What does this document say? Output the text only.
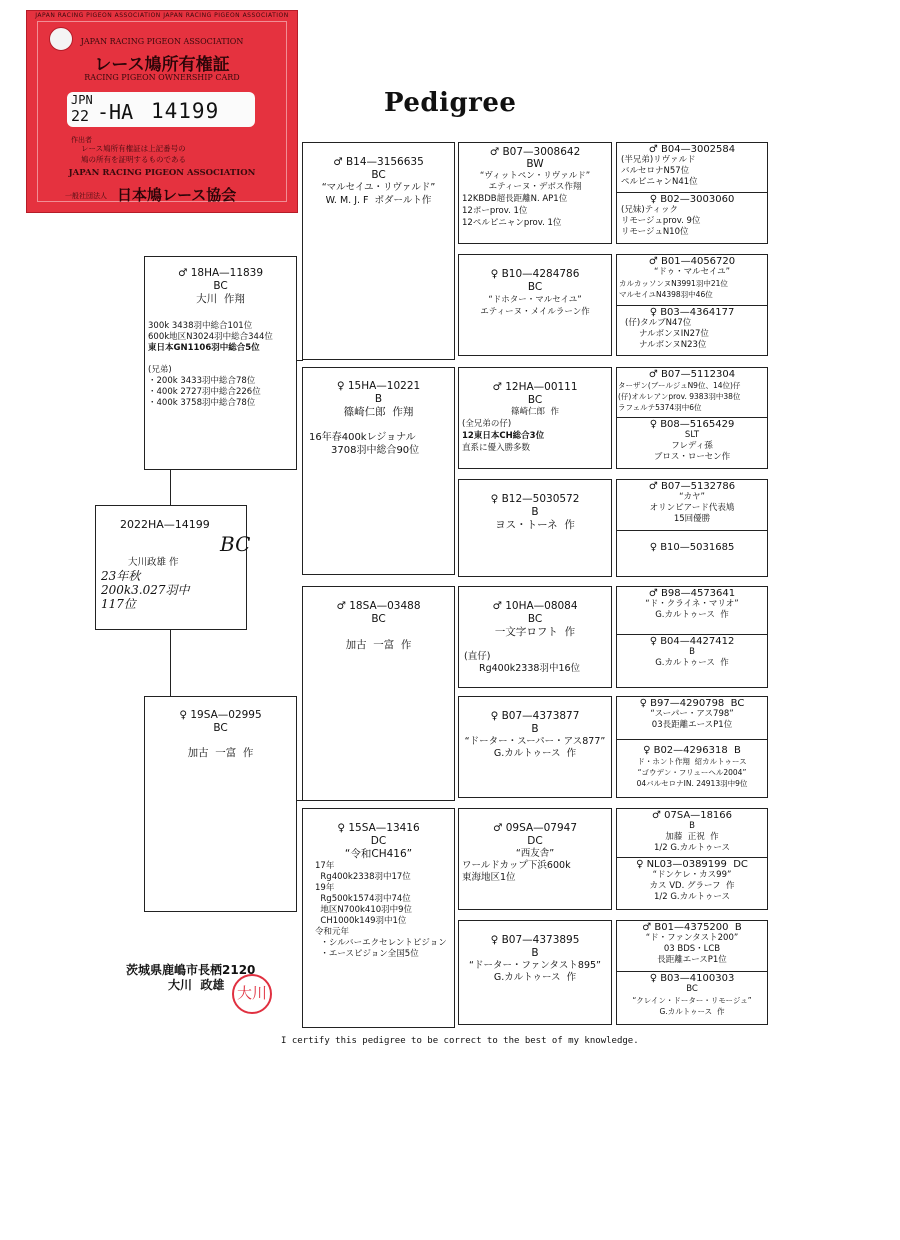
JAPAN RACING PIGEON ASSOCIATION JAPAN RACING PIGEON ASSOCIATION
JAPAN RACING PIGEON ASSOCIATION
レース鳩所有権証
RACING PIGEON OWNERSHIP CARD
JPN
22 -HA 14199
作出者
レース鳩所有権証は上記番号の
鳩の所有を証明するものである
JAPAN RACING PIGEON ASSOCIATION
一般社団法人 日本鳩レース協会
Pedigree
2022HA—14199
大川政雄 作
23年秋
200k3.027羽中
117位
BC
♂ 18HA—11839
BC
大川  作翔
300k 3438羽中総合101位
600k地区N3024羽中総合344位
東日本GN1106羽中総合5位
(兄弟)
・200k 3433羽中総合78位
・400k 2727羽中総合226位
・400k 3758羽中総合78位
♀ 19SA—02995
BC
加古  一富  作
♂ B14—3156635
BC
“マルセイユ・リヴァルド”
W. M. J. F  ボダールト作
♀ 15HA—10221
B
篠崎仁郎  作翔
16年春400kレジョナル
3708羽中総合90位
♂ 18SA—03488
BC
加古  一富  作
♀ 15SA—13416
DC
“令和CH416”
17年
Rg400k2338羽中17位
19年
Rg500k1574羽中74位
地区N700k410羽中9位
CH1000k149羽中1位
令和元年
・シルバーエクセレントピジョン
・エースピジョン全国5位
♂ B07—3008642
BW
“ヴィットペン・リヴァルド”
エティーヌ・デボス作翔
12KBDB超長距離N. AP1位
12ポーprov. 1位
12ペルピニャンprov. 1位
♀ B10—4284786
BC
“ドホター・マルセイユ”
エティーヌ・メイルラーン作
♂ 12HA—00111
BC
篠崎仁郎  作
(全兄弟の仔)
12東日本CH総合3位
直系に優入勝多数
♀ B12—5030572
B
ヨス・トーネ  作
♂ 10HA—08084
BC
一文字ロフト  作
(直仔)
Rg400k2338羽中16位
♀ B07—4373877
B
“ドーター・スーパー・アス877”
G.カルトゥース  作
♂ 09SA—07947
DC
“西友舎”
ワールドカップ下浜600k
東海地区1位
♀ B07—4373895
B
“ドーター・ファンタスト895”
G.カルトゥース  作
♂ B04—3002584
(半兄弟)リヴァルド
バルセロナN57位
ペルピニャンN41位
♀ B02—3003060
(兄妹)ティック
リモージュprov. 9位
リモージュN10位
♂ B01—4056720
“ドゥ・マルセイユ”
カルカッソンヌN3991羽中21位
マルセイユN4398羽中46位
♀ B03—4364177
(仔)タルブN47位
ナルボンヌIN27位
ナルボンヌN23位
♂ B07—5112304
ターザン(ブールジュN9位、14位)仔
(仔)オルレアンprov. 9383羽中38位
ラフェルテ5374羽中6位
♀ B08—5165429
SLT
フレディ孫
ブロス・ローセン作
♂ B07—5132786
“カヤ”
オリンピアード代表鳩
15回優勝
♀ B10—5031685
♂ B98—4573641
“ド・クライネ・マリオ”
G.カルトゥース  作
♀ B04—4427412
B
G.カルトゥース  作
♀ B97—4290798  BC
“スーパー・アス798”
03長距離エースP1位
♀ B02—4296318  B
ド・ホント作翔  紹カルトゥース
“ゴウデン・フリューヘル2004”
04バルセロナIN. 24913羽中9位
♂ 07SA—18166
B
加藤  正祝  作
1/2 G.カルトゥース
♀ NL03—0389199  DC
“ドンケレ・カス99”
カス VD. グラーフ  作
1/2 G.カルトゥース
♂ B01—4375200  B
“ド・ファンタスト200”
03 BDS・LCB
長距離エースP1位
♀ B03—4100303
BC
“クレイン・ドーター・リモージュ”
G.カルトゥース  作
茨城県鹿嶋市長栖2120
大川  政雄 大川
I certify this pedigree to be correct to the best of my knowledge.
